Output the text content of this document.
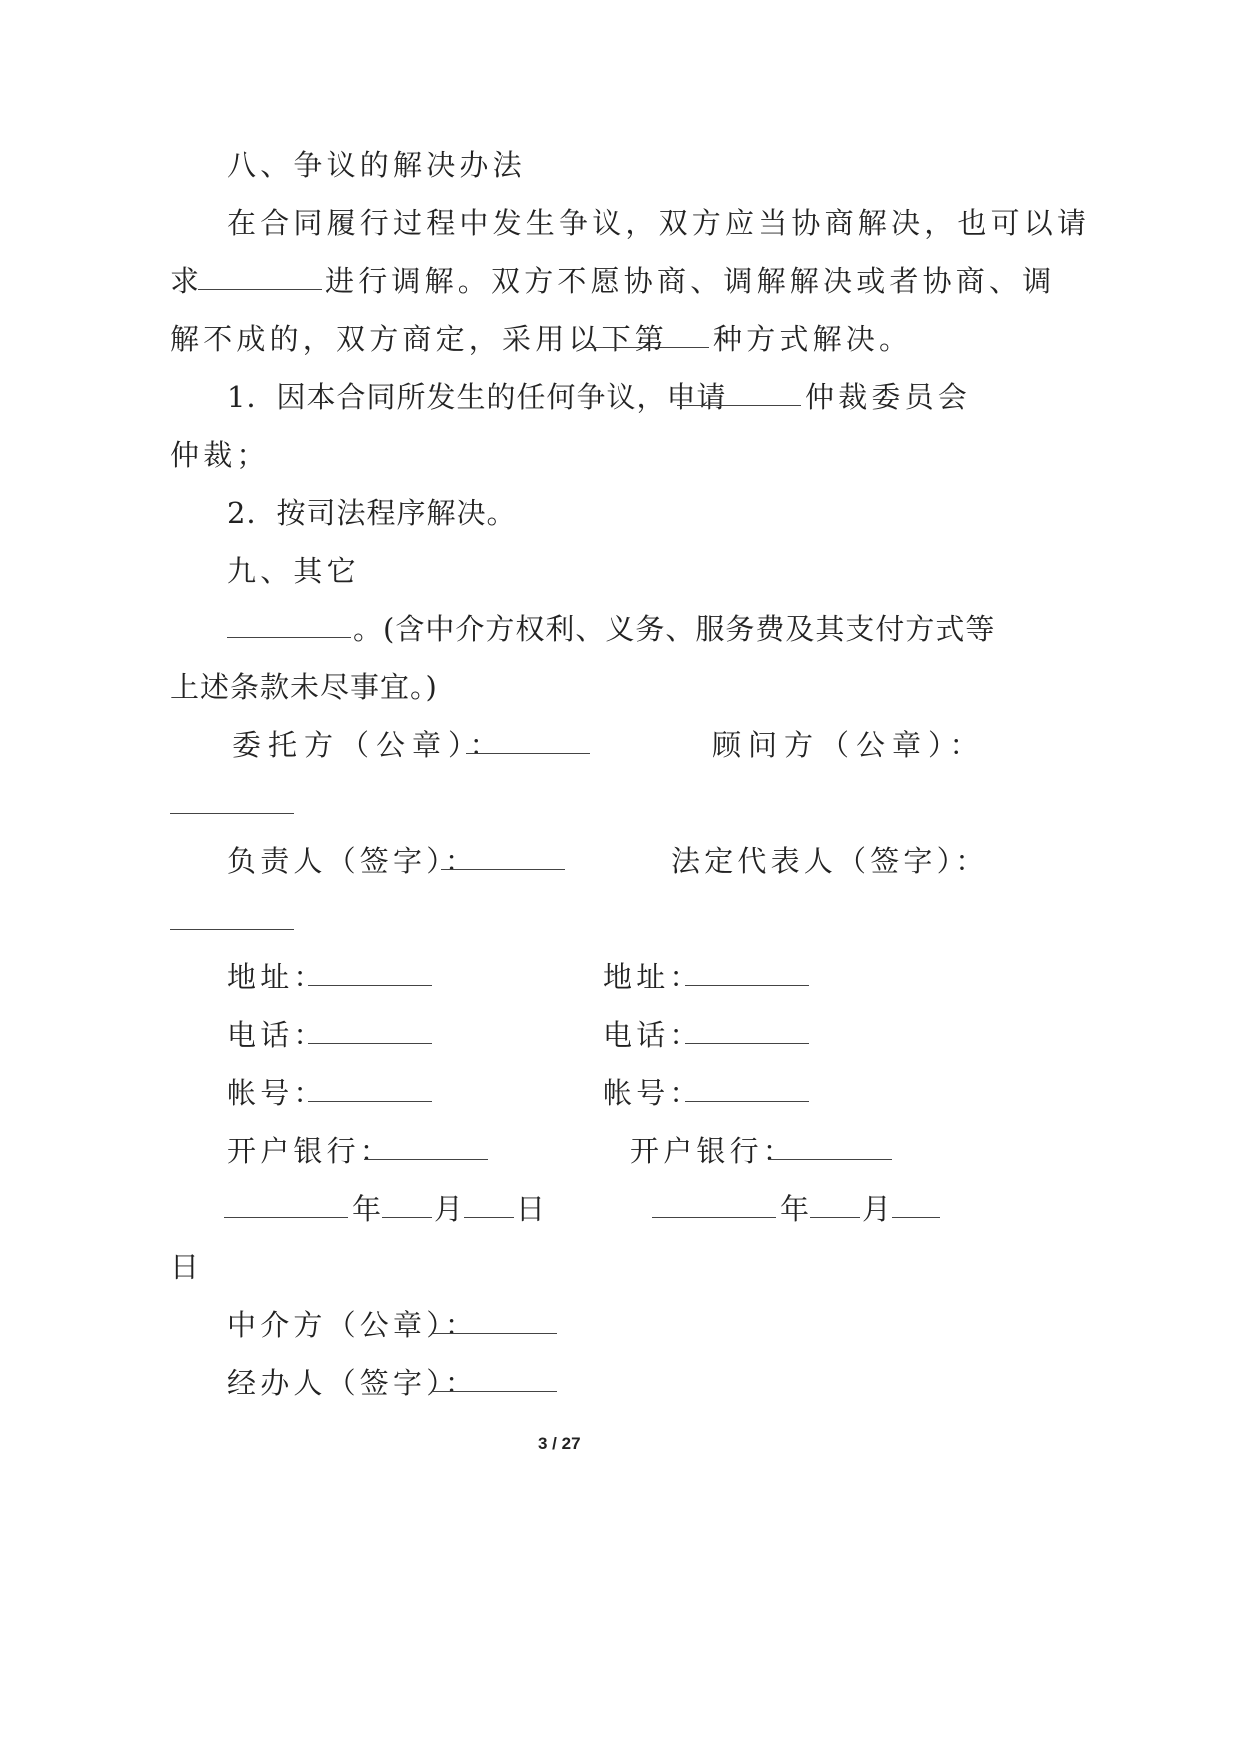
八、争议的解决办法
在合同履行过程中发生争议，双方应当协商解决，也可以请
求	进行调解。双方不愿协商、调解解决或者协商、调
解不成的，双方商定，采用以下第 种方式解决。
1．因本合同所发生的任何争议，申请	仲裁委员会
仲裁；
2．按司法程序解决。
九、其它
。(含中介方权利、义务、服务费及其支付方式等
上述条款未尽事宜。)
委托方（公章）：	顾问方（公章）：
负责人（签字）：	法定代表人（签字）：
地址：	地址：
电话：	电话：
帐号：	帐号：
开户银行：	开户银行：
年 月 日	年 月
日
中介方（公章）：
经办人（签字）：
3 / 27
